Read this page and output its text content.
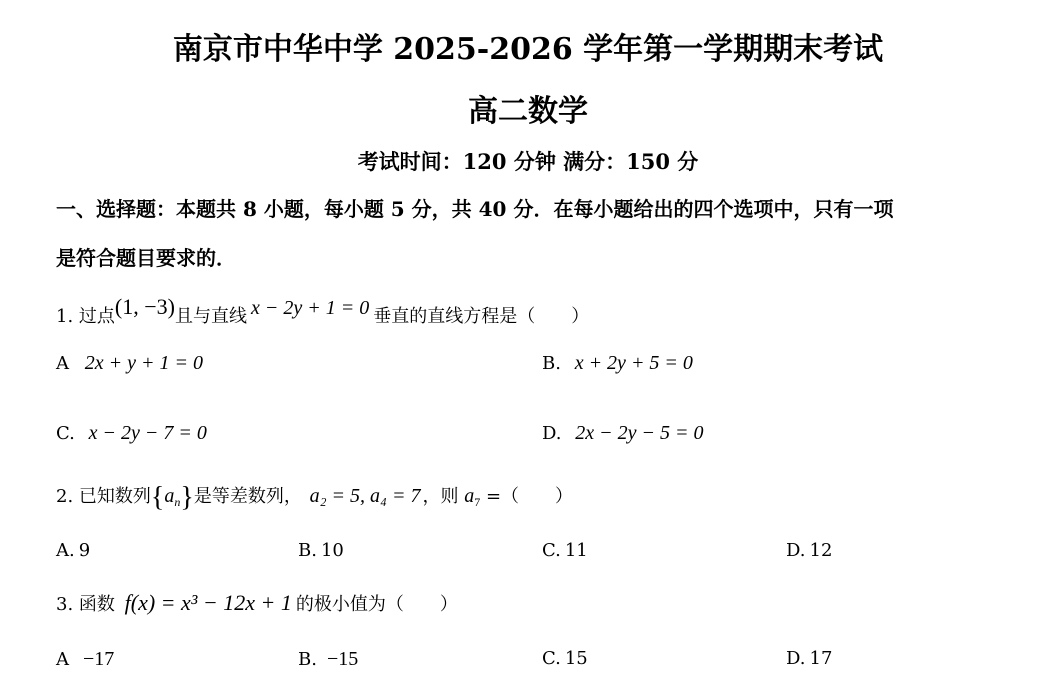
南京市中华中学 2025-2026 学年第一学期期末考试
高二数学
考试时间：120 分钟 满分：150 分
一、选择题：本题共 8 小题，每小题 5 分，共 40 分．在每小题给出的四个选项中，只有一项
是符合题目要求的．
1. 过点(1, −3)且与直线 x − 2y + 1 = 0 垂直的直线方程是（　　）
A 2x + y + 1 = 0	B. x + 2y + 5 = 0
C. x − 2y − 7 = 0	D. 2x − 2y − 5 = 0
2. 已知数列$\{a_n\}$是等差数列， a₂ = 5, a₄ = 7 ，则 $a_7$ =（　　）
A. 9	B. 10	C. 11	D. 12
3. 函数 f(x) = x³ − 12x + 1 的极小值为（　　）
A −17	B. −15	C. 15	D. 17
